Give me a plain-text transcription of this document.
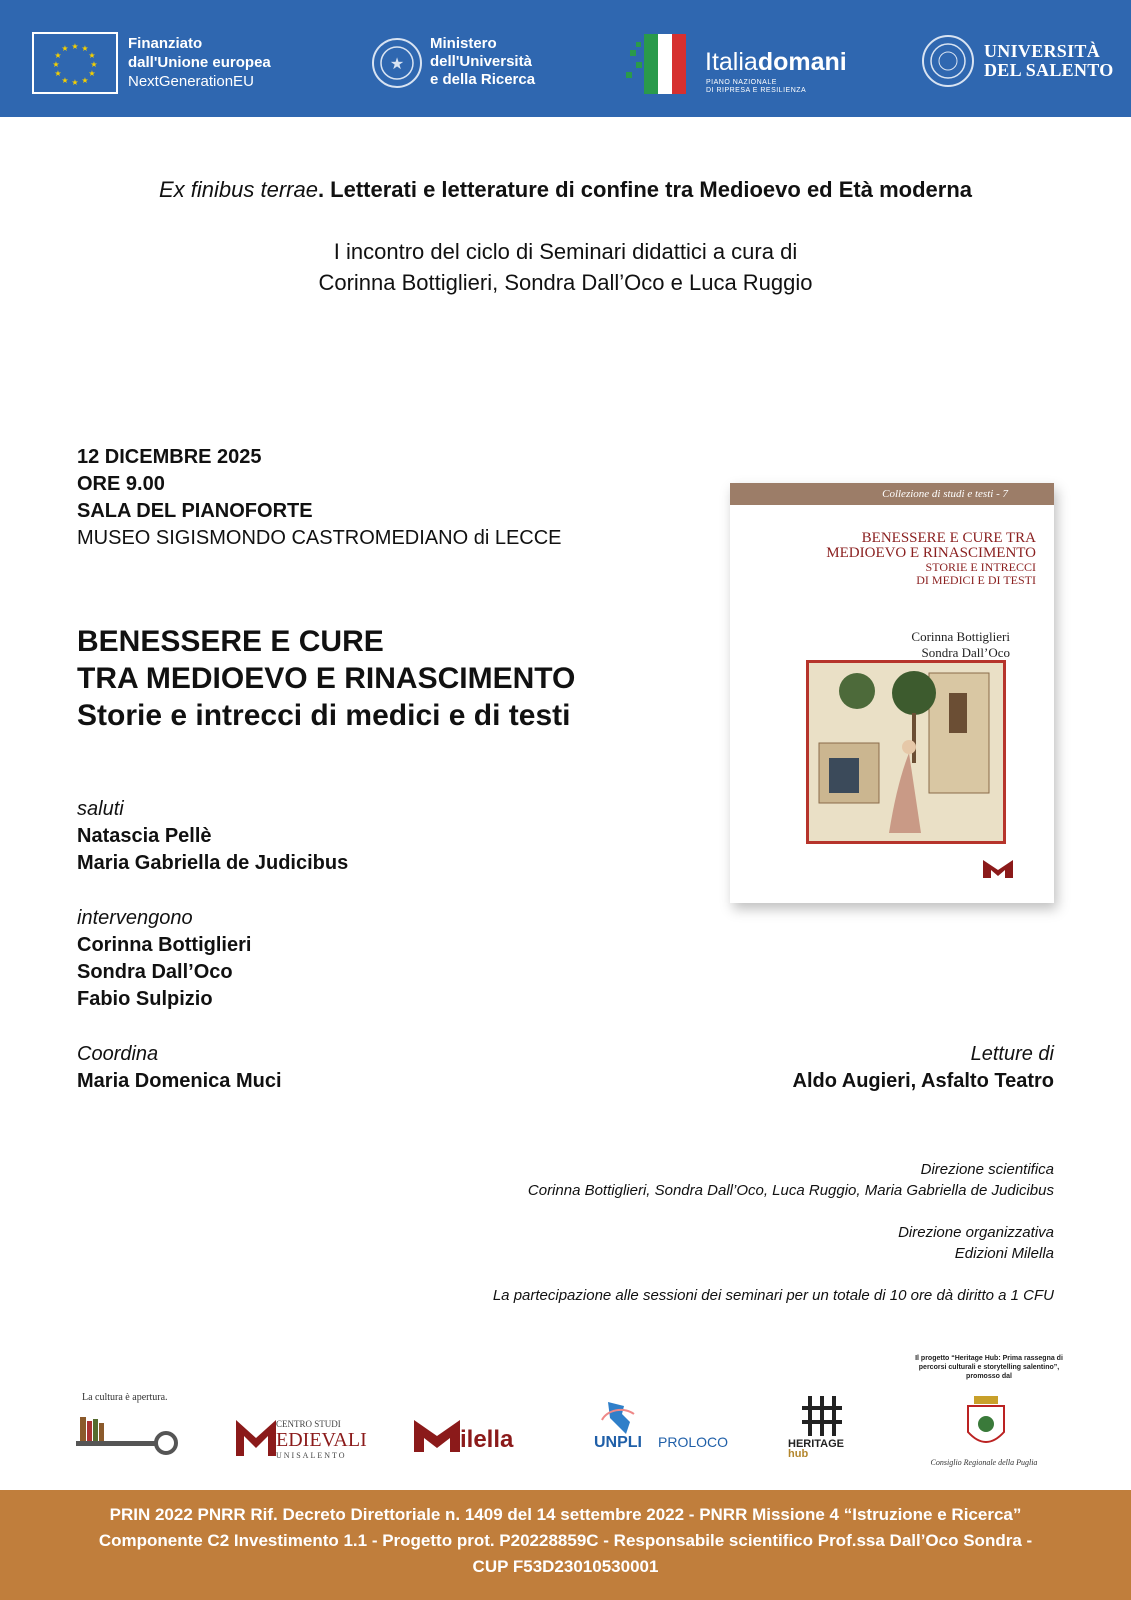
★ ★
★
★
★
★
★
★
★
★
★
★	Finanziato
dall'Unione europea
NextGenerationEU
★
Ministero
dell'Università
e della Ricerca
Italiadomani
PIANO NAZIONALE
DI RIPRESA E RESILIENZA
UNIVERSITÀ
DEL SALENTO
Ex finibus terrae. Letterati e letterature di confine tra Medioevo ed Età moderna
I incontro del ciclo di Seminari didattici a cura di
Corinna Bottiglieri, Sondra Dall’Oco e Luca Ruggio
12 DICEMBRE 2025
ORE 9.00
SALA DEL PIANOFORTE
MUSEO SIGISMONDO CASTROMEDIANO di LECCE
BENESSERE E CURE
TRA MEDIOEVO E RINASCIMENTO
Storie e intrecci di medici e di testi
saluti
Natascia Pellè
Maria Gabriella de Judicibus
intervengono
Corinna Bottiglieri
Sondra Dall’Oco
Fabio Sulpizio
Coordina
Maria Domenica Muci
Letture di
Aldo Augieri, Asfalto Teatro
Collezione di studi e testi - 7
BENESSERE E CURE TRA
MEDIOEVO E RINASCIMENTO
STORIE E INTRECCI
DI MEDICI E DI TESTI
Corinna Bottiglieri
Sondra Dall’Oco
Direzione scientifica
Corinna Bottiglieri, Sondra Dall’Oco, Luca Ruggio, Maria Gabriella de Judicibus
Direzione organizzativa
Edizioni Milella
La partecipazione alle sessioni dei seminari per un totale di 10 ore dà diritto a 1 CFU
La cultura è apertura.
CENTRO STUDI
EDIEVALI
UNISALENTO
ilella	UNPLI PROLOCO	HERITAGE
hub
Il progetto “Heritage Hub: Prima rassegna di percorsi culturali e storytelling salentino”, promosso dal
Consiglio Regionale della Puglia
PRIN 2022 PNRR Rif. Decreto Direttoriale n. 1409 del 14 settembre 2022 - PNRR Missione 4 “Istruzione e Ricerca”
Componente C2 Investimento 1.1 - Progetto prot. P20228859C - Responsabile scientifico Prof.ssa Dall’Oco Sondra -
CUP F53D23010530001
